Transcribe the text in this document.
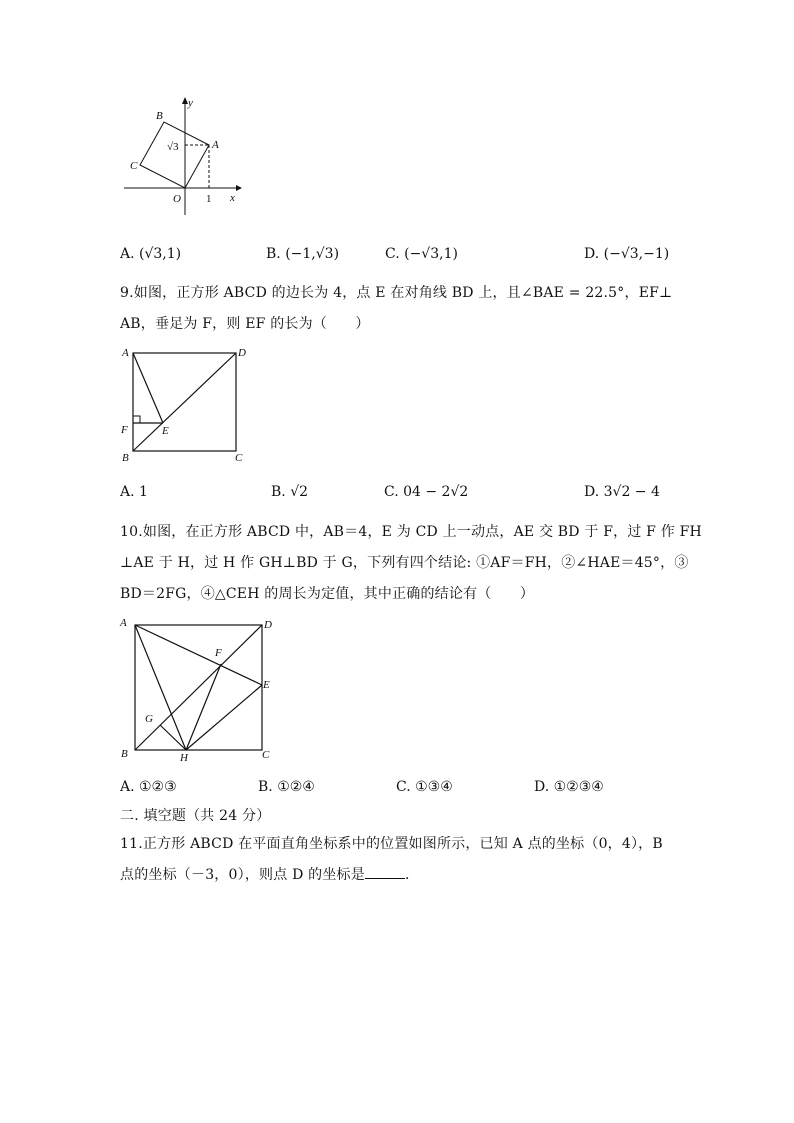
y
x
O 1
A
B
C
√3
A. (√3,1)	B. (−1,√3)	C. (−√3,1)	D. (−√3,−1)
9.如图，正方形 ABCD 的边长为 4，点 E 在对角线 BD 上，且∠BAE = 22.5°，EF⊥
AB，垂足为 F，则 EF 的长为（　　）
A	D
F	E
B	C
A. 1	B. √2	C. 04 − 2√2	D. 3√2 − 4
10.如图，在正方形 ABCD 中，AB＝4，E 为 CD 上一动点，AE 交 BD 于 F，过 F 作 FH
⊥AE 于 H，过 H 作 GH⊥BD 于 G，下列有四个结论: ①AF＝FH，②∠HAE＝45°，③
BD＝2FG，④△CEH 的周长为定值，其中正确的结论有（　　）
A	D
F
E
G
B	H	C
A. ①②③	B. ①②④	C. ①③④	D. ①②③④
二. 填空题（共 24 分）
11.正方形 ABCD 在平面直角坐标系中的位置如图所示，已知 A 点的坐标（0，4），B
点的坐标（－3，0），则点 D 的坐标是	.
